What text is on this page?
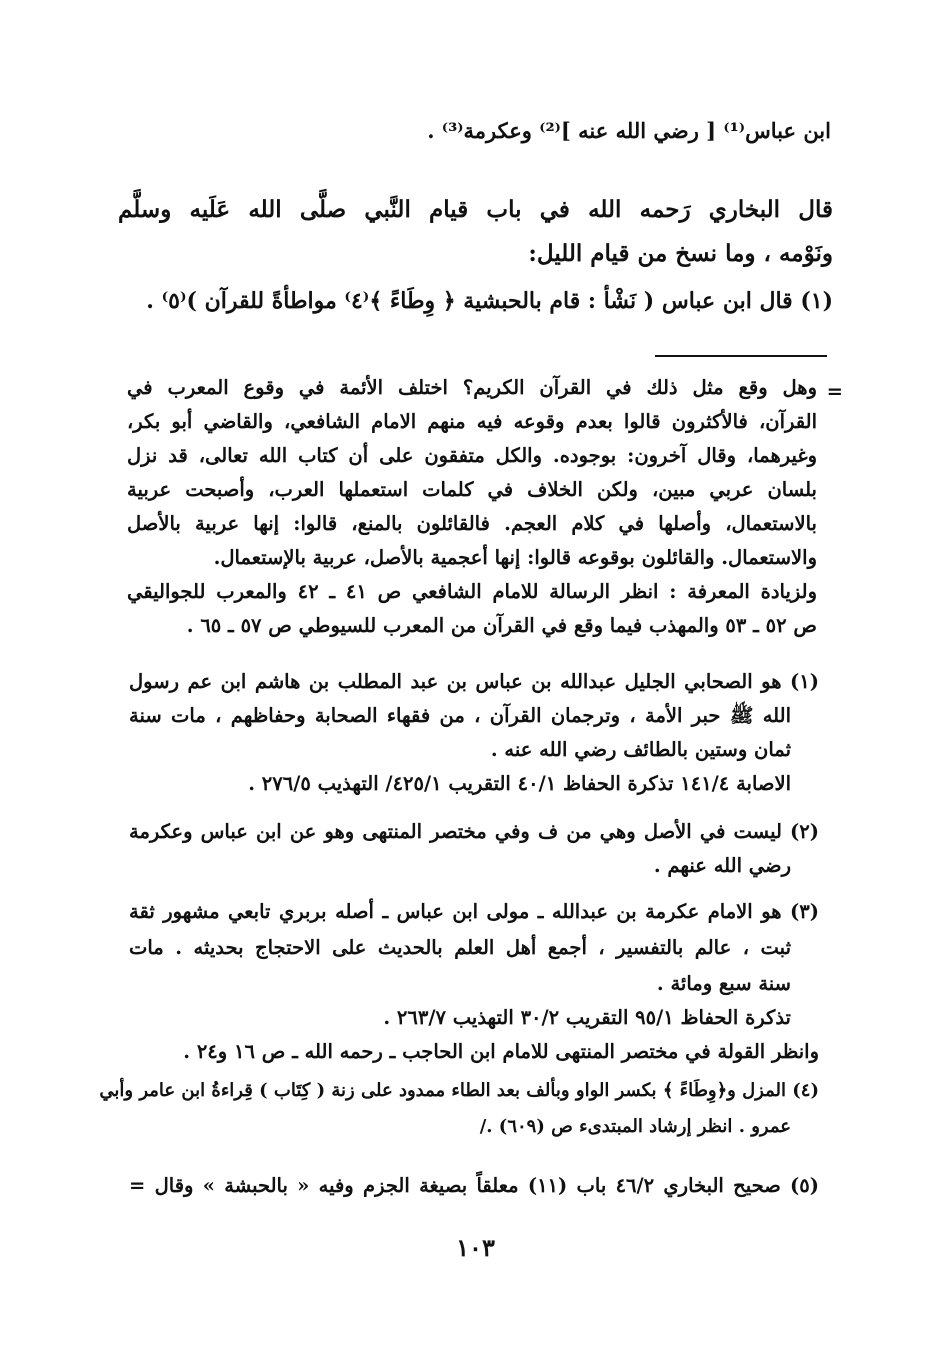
ابن عباس⁽¹⁾ [ رضي الله عنه ]⁽²⁾ وعكرمة⁽³⁾ .
قال البخاري رَحمه الله في باب قيام النَّبي صلَّى الله عَلَيه وسلَّم
ونَوْمه ، وما نسخ من قيام الليل:
(١) قال ابن عباس ( نَشْأ : قام بالحبشية ﴿ وِطَاءً ﴾⁽٤⁾ مواطأةً للقرآن )⁽٥⁾ .
=
وهل وقع مثل ذلك في القرآن الكريم؟ اختلف الأئمة في وقوع المعرب في
القرآن، فالأكثرون قالوا بعدم وقوعه فيه منهم الامام الشافعي، والقاضي أبو بكر،
وغيرهما، وقال آخرون: بوجوده. والكل متفقون على أن كتاب الله تعالى، قد نزل
بلسان عربي مبين، ولكن الخلاف في كلمات استعملها العرب، وأصبحت عربية
بالاستعمال، وأصلها في كلام العجم. فالقائلون بالمنع، قالوا: إنها عربية بالأصل
والاستعمال. والقائلون بوقوعه قالوا: إنها أعجمية بالأصل، عربية بالإستعمال.
ولزيادة المعرفة : انظر الرسالة للامام الشافعي ص ٤١ ـ ٤٢ والمعرب للجواليقي
ص ٥٢ ـ ٥٣ والمهذب فيما وقع في القرآن من المعرب للسيوطي ص ٥٧ ـ ٦٥ .
(١) هو الصحابي الجليل عبدالله بن عباس بن عبد المطلب بن هاشم ابن عم رسول
الله ﷺ حبر الأمة ، وترجمان القرآن ، من فقهاء الصحابة وحفاظهم ، مات سنة
ثمان وستين بالطائف رضي الله عنه .
الاصابة ١٤١/٤ تذكرة الحفاظ ٤٠/١ التقريب ٤٢٥/١/ التهذيب ٢٧٦/٥ .
(٢) ليست في الأصل وهي من ف وفي مختصر المنتهى وهو عن ابن عباس وعكرمة
رضي الله عنهم .
(٣) هو الامام عكرمة بن عبدالله ـ مولى ابن عباس ـ أصله بربري تابعي مشهور ثقة
ثبت ، عالم بالتفسير ، أجمع أهل العلم بالحديث على الاحتجاج بحديثه . مات
سنة سبع ومائة .
تذكرة الحفاظ ٩٥/١ التقريب ٣٠/٢ التهذيب ٢٦٣/٧ .
وانظر القولة في مختصر المنتهى للامام ابن الحاجب ـ رحمه الله ـ ص ١٦ و٢٤ .
(٤) المزل و﴿وِطَاءً ﴾ بكسر الواو وبألف بعد الطاء ممدود على زنة ( كِتَاب ) قِراءةُ ابن عامر وأبي
عمرو . انظر إرشاد المبتدىء ص (٦٠٩) ./
(٥) صحيح البخاري ٤٦/٢ باب (١١) معلقاً بصيغة الجزم وفيه « بالحبشة » وقال =
١٠٣
